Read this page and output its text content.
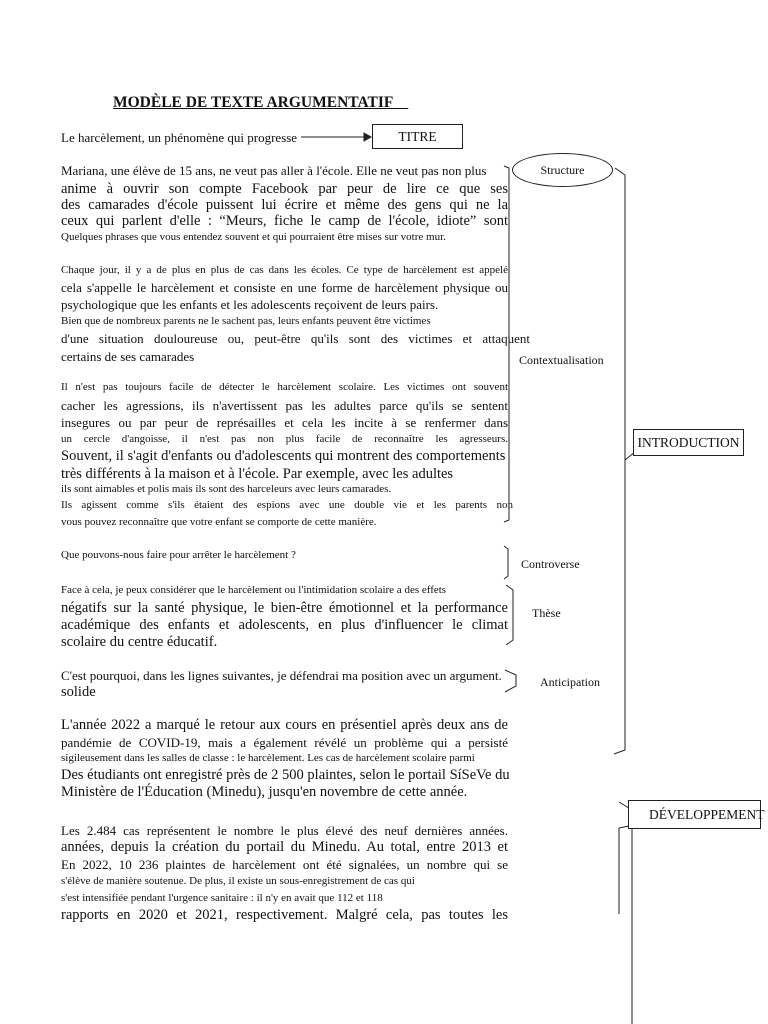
MODÈLE DE TEXTE ARGUMENTATIF
Le harcèlement, un phénomène qui progresse
Mariana, une élève de 15 ans, ne veut pas aller à l'école. Elle ne veut pas non plus
anime à ouvrir son compte Facebook par peur de lire ce que ses
des camarades d'école puissent lui écrire et même des gens qui ne la
ceux qui parlent d'elle : “Meurs, fiche le camp de l'école, idiote” sont
Quelques phrases que vous entendez souvent et qui pourraient être mises sur votre mur.
Chaque jour, il y a de plus en plus de cas dans les écoles. Ce type de harcèlement est appelé
cela s'appelle le harcèlement et consiste en une forme de harcèlement physique ou
psychologique que les enfants et les adolescents reçoivent de leurs pairs.
Bien que de nombreux parents ne le sachent pas, leurs enfants peuvent être victimes
d'une situation douloureuse ou, peut-être qu'ils sont des victimes et attaquent
certains de ses camarades
Il n'est pas toujours facile de détecter le harcèlement scolaire. Les victimes ont souvent
cacher les agressions, ils n'avertissent pas les adultes parce qu'ils se sentent
insegures ou par peur de représailles et cela les incite à se renfermer dans
un cercle d'angoisse, il n'est pas non plus facile de reconnaître les agresseurs.
Souvent, il s'agit d'enfants ou d'adolescents qui montrent des comportements
très différents à la maison et à l'école. Par exemple, avec les adultes
ils sont aimables et polis mais ils sont des harceleurs avec leurs camarades.
Ils agissent comme s'ils étaient des espions avec une double vie et les parents non
vous pouvez reconnaître que votre enfant se comporte de cette manière.
Que pouvons-nous faire pour arrêter le harcèlement ?
Face à cela, je peux considérer que le harcèlement ou l'intimidation scolaire a des effets
négatifs sur la santé physique, le bien-être émotionnel et la performance
académique des enfants et adolescents, en plus d'influencer le climat
scolaire du centre éducatif.
C'est pourquoi, dans les lignes suivantes, je défendrai ma position avec un argument.
solide
L'année 2022 a marqué le retour aux cours en présentiel après deux ans de
pandémie de COVID-19, mais a également révélé un problème qui a persisté
sigileusement dans les salles de classe : le harcèlement. Les cas de harcèlement scolaire parmi
Des étudiants ont enregistré près de 2 500 plaintes, selon le portail SíSeVe du
Ministère de l'Éducation (Minedu), jusqu'en novembre de cette année.
Les 2.484 cas représentent le nombre le plus élevé des neuf dernières années.
années, depuis la création du portail du Minedu. Au total, entre 2013 et
En 2022, 10 236 plaintes de harcèlement ont été signalées, un nombre qui se
s'élève de manière soutenue. De plus, il existe un sous-enregistrement de cas qui
s'est intensifiée pendant l'urgence sanitaire : il n'y en avait que 112 et 118
rapports en 2020 et 2021, respectivement. Malgré cela, pas toutes les
TITRE
Structure
Contextualisation
INTRODUCTION
Controverse
Thèse
Anticipation
DÉVELOPPEMENT
